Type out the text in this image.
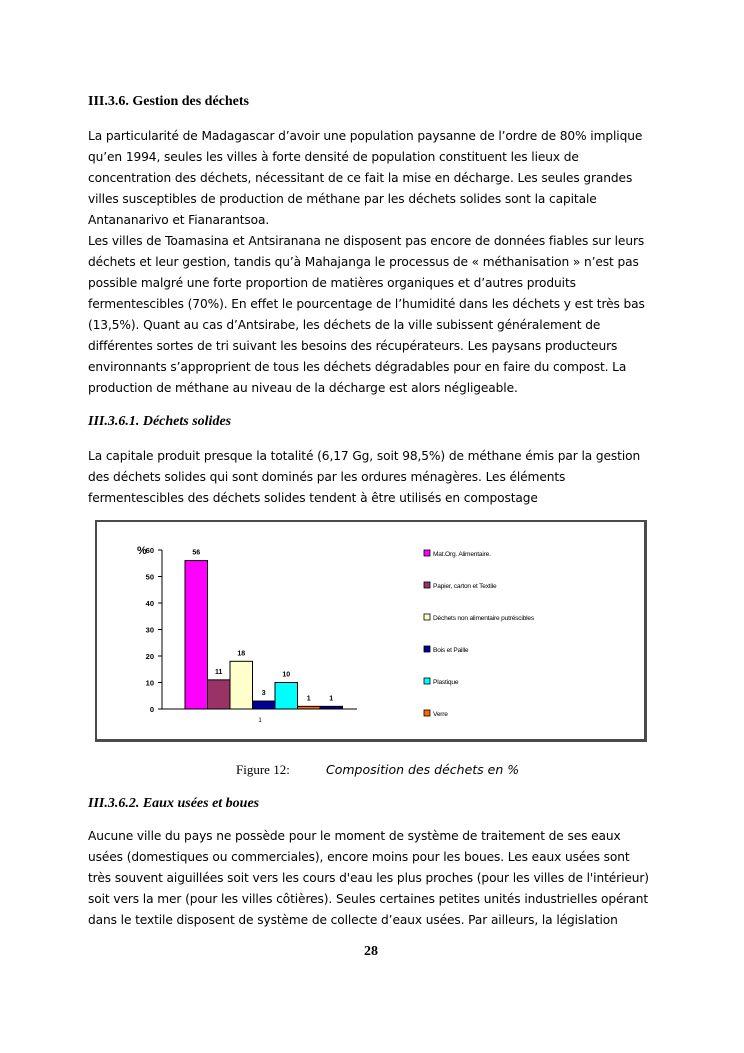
III.3.6. Gestion des déchets
La particularité de Madagascar d’avoir une population paysanne de l’ordre de 80% implique
qu’en 1994, seules les villes à forte densité de population constituent les lieux de
concentration des déchets, nécessitant de ce fait la mise en décharge. Les seules grandes
villes susceptibles de production de méthane par les déchets solides sont la capitale
Antananarivo et Fianarantsoa.
Les villes de Toamasina et Antsiranana ne disposent pas encore de données fiables sur leurs
déchets et leur gestion, tandis qu’à Mahajanga le processus de « méthanisation » n’est pas
possible malgré une forte proportion de matières organiques et d’autres produits
fermentescibles (70%). En effet le pourcentage de l’humidité dans les déchets y est très bas
(13,5%). Quant au cas d’Antsirabe, les déchets de la ville subissent généralement de
différentes sortes de tri suivant les besoins des récupérateurs. Les paysans producteurs
environnants s’approprient de tous les déchets dégradables pour en faire du compost. La
production de méthane au niveau de la décharge est alors négligeable.
III.3.6.1. Déchets solides
La capitale produit presque la totalité (6,17 Gg, soit 98,5%) de méthane émis par la gestion
des déchets solides qui sont dominés par les ordures ménagères. Les éléments
fermentescibles des déchets solides tendent à être utilisés en compostage
0
10
20
30
40
50
60
%
1
56
11
18
3
10
1	1
Mat.Org. Alimentaire.
Papier, carton et Textile
Déchets non alimentaire putréscibles
Bois et Paille
Plastique
Verre
Figure 12:	Composition des déchets en %
III.3.6.2. Eaux usées et boues
Aucune ville du pays ne possède pour le moment de système de traitement de ses eaux
usées (domestiques ou commerciales), encore moins pour les boues. Les eaux usées sont
très souvent aiguillées soit vers les cours d'eau les plus proches (pour les villes de l'intérieur)
soit vers la mer (pour les villes côtières). Seules certaines petites unités industrielles opérant
dans le textile disposent de système de collecte d’eaux usées. Par ailleurs, la législation
28
